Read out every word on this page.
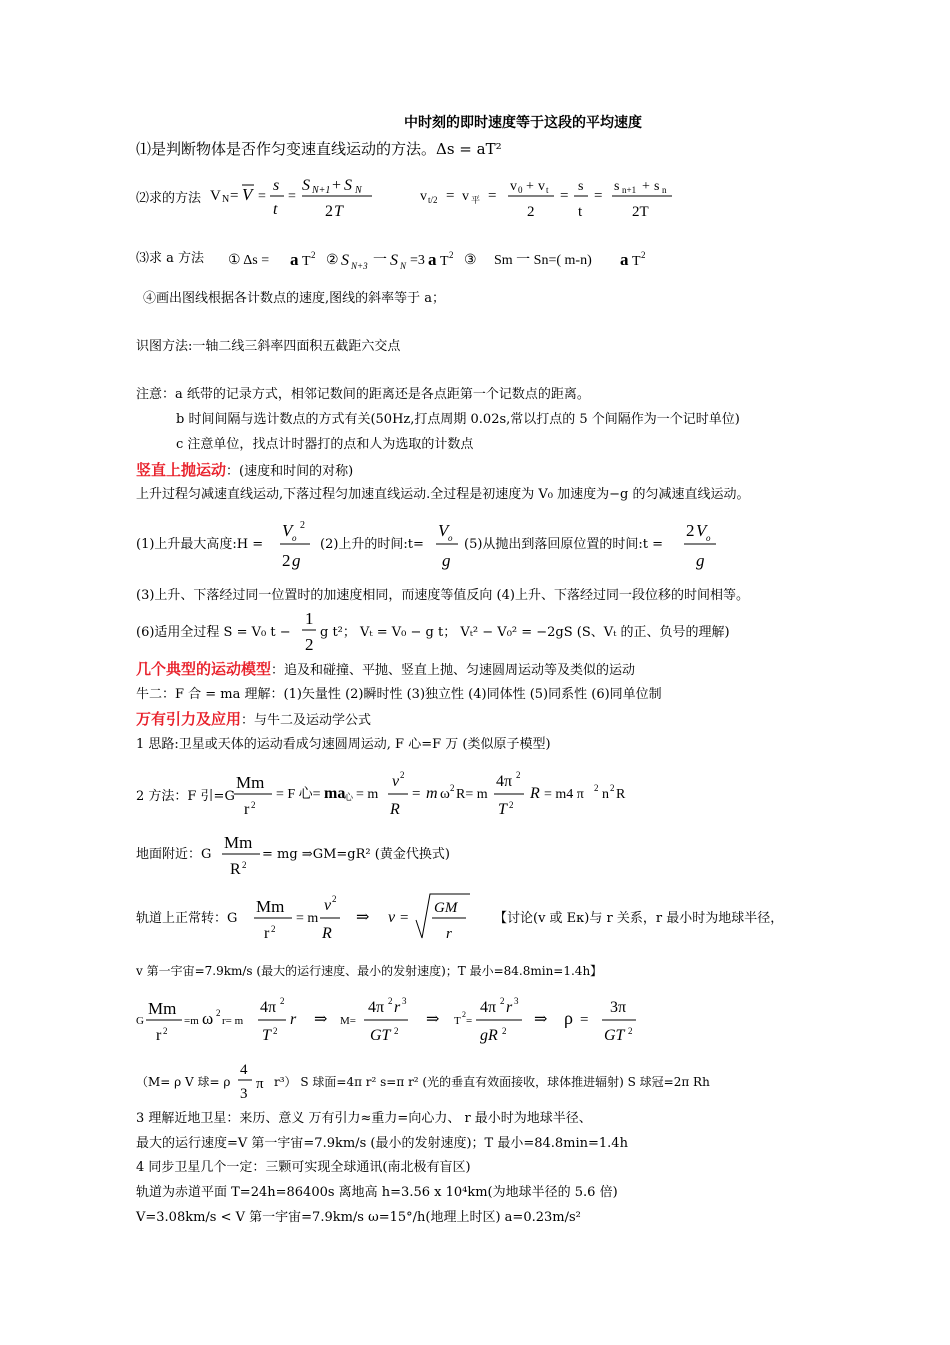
中时刻的即时速度等于这段的平均速度
⑴是判断物体是否作匀变速直线运动的方法。Δs = aT²
⑵求的方法 V N = V =
s
t
=
S N+1 + S N
2 T
v t/2 = v 平 =
v 0 + v t
2
=
s
t
=
s n+1 + s n
2T
⑶求 a 方法 ① Δs = a T 2 ② S N+3 一 S N =3 a T 2 ③ Sm 一 Sn=( m-n) a T 2
④画出图线根据各计数点的速度,图线的斜率等于 a；
识图方法:一轴二线三斜率四面积五截距六交点
注意：a 纸带的记录方式，相邻记数间的距离还是各点距第一个记数点的距离。
b 时间间隔与选计数点的方式有关(50Hz,打点周期 0.02s,常以打点的 5 个间隔作为一个记时单位)
c 注意单位，找点计时器打的点和人为选取的计数点
竖直上抛运动：(速度和时间的对称)
上升过程匀减速直线运动,下落过程匀加速直线运动.全过程是初速度为 V₀ 加速度为−g 的匀减速直线运动。
(1)上升最大高度:H =
V o
2
2 g
(2)上升的时间:t=
V o
g
(5)从抛出到落回原位置的时间:t =
2 V o
g
(3)上升、下落经过同一位置时的加速度相同，而速度等值反向 (4)上升、下落经过同一段位移的时间相等。
(6)适用全过程 S = V₀ t −
1
2
g t²； Vₜ = V₀ − g t； Vₜ² − V₀² = −2gS (S、Vₜ 的正、负号的理解)
几个典型的运动模型：追及和碰撞、平抛、竖直上抛、匀速圆周运动等及类似的运动
牛二：F 合 = ma 理解：(1)矢量性 (2)瞬时性 (3)独立性 (4)同体性 (5)同系性 (6)同单位制
万有引力及应用：与牛二及运动学公式
1 思路:卫星或天体的运动看成匀速圆周运动, F 心=F 万 (类似原子模型)
2 方法：F 引=G
Mm
r 2
= F 心= ma
心 = m
v 2
R
= m ω 2 R= m
4π 2
T 2
R = m4 π 2 n 2 R
地面附近：G
Mm
R 2
= mg ⇒GM=gR² (黄金代换式)
轨道上正常转：G
Mm
r 2
= m
v 2
R
⇒ v =
GM
r
【讨论(v 或 Eκ)与 r 关系，r 最小时为地球半径，
v 第一宇宙=7.9km/s (最大的运行速度、最小的发射速度)；T 最小=84.8min=1.4h】
G
Mm
r 2
=m ω 2
r= m
4π 2
T 2
r ⇒ M=
4π 2 r 3
GT 2
⇒ T
2
=
4π 2 r 3
gR 2
⇒ ρ =
3π
GT 2
（M= ρ V 球= ρ
4
3
π r³） S 球面=4π r² s=π r² (光的垂直有效面接收，球体推进辐射) S 球冠=2π Rh
3 理解近地卫星：来历、意义 万有引力≈重力=向心力、 r 最小时为地球半径、
最大的运行速度=V 第一宇宙=7.9km/s (最小的发射速度)；T 最小=84.8min=1.4h
4 同步卫星几个一定：三颗可实现全球通讯(南北极有盲区)
轨道为赤道平面 T=24h=86400s 离地高 h=3.56 x 10⁴km(为地球半径的 5.6 倍)
V=3.08km/s < V 第一宇宙=7.9km/s ω=15°/h(地理上时区) a=0.23m/s²
